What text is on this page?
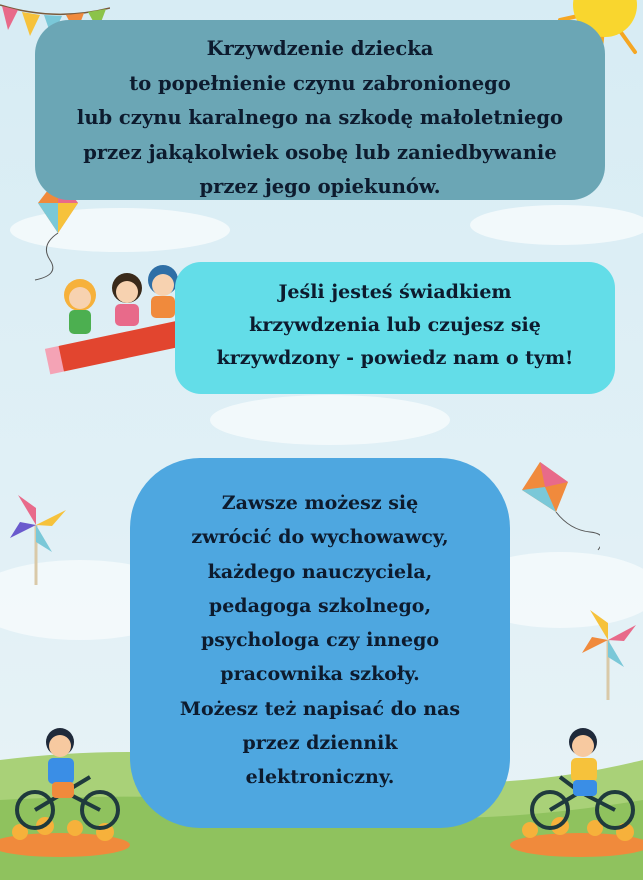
Krzywdzenie dziecka

to popełnienie czynu zabronionego

lub czynu karalnego na szkodę małoletniego

przez jakąkolwiek osobę lub zaniedbywanie

przez jego opiekunów.

Jeśli jesteś świadkiem

krzywdzenia lub czujesz się

krzywdzony - powiedz nam o tym!

Zawsze możesz się

zwrócić do wychowawcy,

każdego nauczyciela,

pedagoga szkolnego,

psychologa czy innego

pracownika szkoły.

Możesz też napisać do nas

przez dziennik

elektroniczny.
